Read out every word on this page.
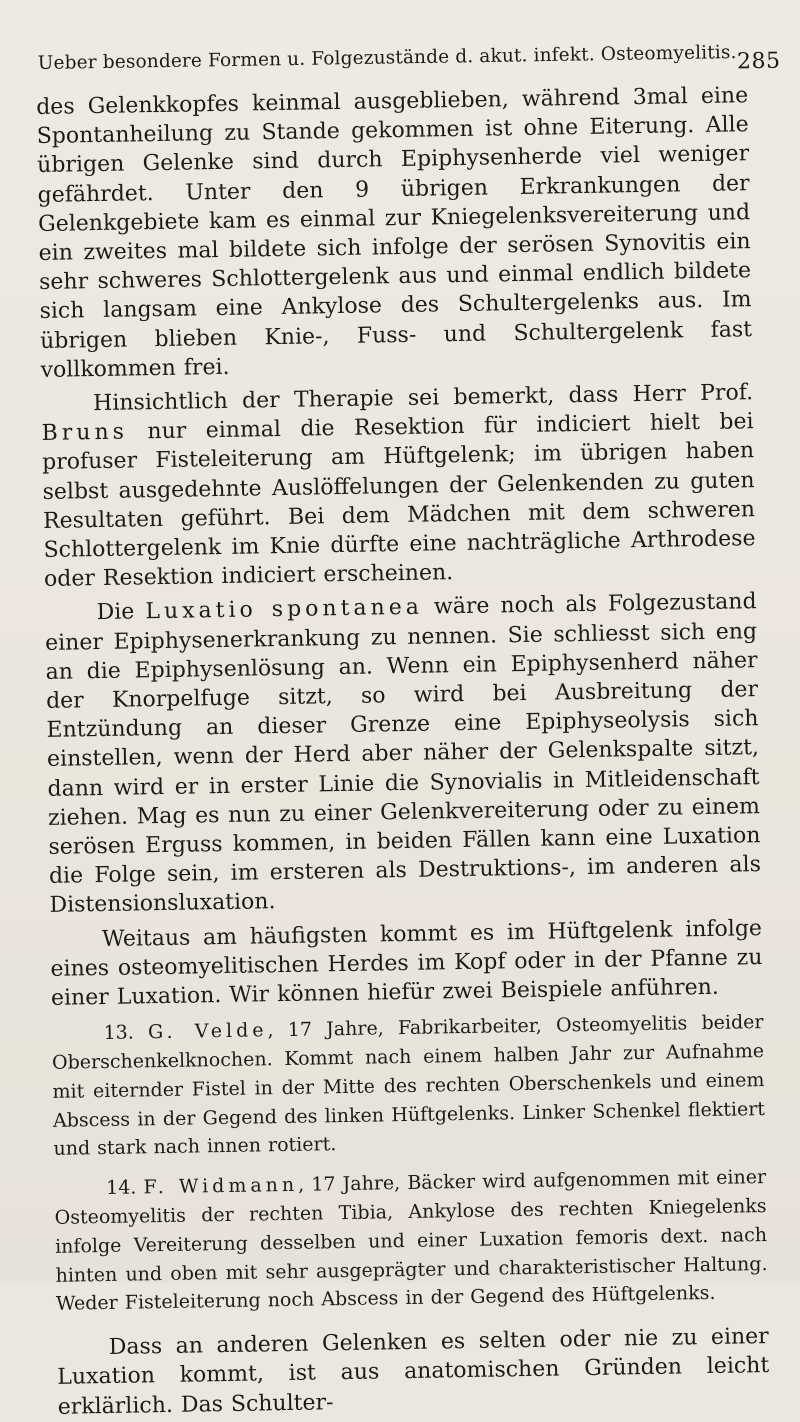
Ueber besondere Formen u. Folgezustände d. akut. infekt. Osteomyelitis. 285

des Gelenkkopfes keinmal ausgeblieben, während 3mal eine Spontanheilung zu Stande gekommen ist ohne Eiterung. Alle übrigen Gelenke sind durch Epiphysenherde viel weniger gefährdet. Unter den 9 übrigen Erkrankungen der Gelenkgebiete kam es einmal zur Kniegelenksvereiterung und ein zweites mal bildete sich infolge der serösen Synovitis ein sehr schweres Schlottergelenk aus und einmal endlich bildete sich langsam eine Ankylose des Schultergelenks aus. Im übrigen blieben Knie-, Fuss- und Schultergelenk fast vollkommen frei.

Hinsichtlich der Therapie sei bemerkt, dass Herr Prof. Bruns nur einmal die Resektion für indiciert hielt bei profuser Fisteleiterung am Hüftgelenk; im übrigen haben selbst ausgedehnte Auslöffelungen der Gelenkenden zu guten Resultaten geführt. Bei dem Mädchen mit dem schweren Schlottergelenk im Knie dürfte eine nachträgliche Arthrodese oder Resektion indiciert erscheinen.

Die Luxatio spontanea wäre noch als Folgezustand einer Epiphysenerkrankung zu nennen. Sie schliesst sich eng an die Epiphysenlösung an. Wenn ein Epiphysenherd näher der Knorpelfuge sitzt, so wird bei Ausbreitung der Entzündung an dieser Grenze eine Epiphyseolysis sich einstellen, wenn der Herd aber näher der Gelenkspalte sitzt, dann wird er in erster Linie die Synovialis in Mitleidenschaft ziehen. Mag es nun zu einer Gelenkvereiterung oder zu einem serösen Erguss kommen, in beiden Fällen kann eine Luxation die Folge sein, im ersteren als Destruktions-, im anderen als Distensionsluxation.

Weitaus am häufigsten kommt es im Hüftgelenk infolge eines osteomyelitischen Herdes im Kopf oder in der Pfanne zu einer Luxation. Wir können hiefür zwei Beispiele anführen.

13. G. Velde, 17 Jahre, Fabrikarbeiter, Osteomyelitis beider Oberschenkelknochen. Kommt nach einem halben Jahr zur Aufnahme mit eiternder Fistel in der Mitte des rechten Oberschenkels und einem Abscess in der Gegend des linken Hüftgelenks. Linker Schenkel flektiert und stark nach innen rotiert.

14. F. Widmann, 17 Jahre, Bäcker wird aufgenommen mit einer Osteomyelitis der rechten Tibia, Ankylose des rechten Kniegelenks infolge Vereiterung desselben und einer Luxation femoris dext. nach hinten und oben mit sehr ausgeprägter und charakteristischer Haltung. Weder Fisteleiterung noch Abscess in der Gegend des Hüftgelenks.

Dass an anderen Gelenken es selten oder nie zu einer Luxation kommt, ist aus anatomischen Gründen leicht erklärlich. Das Schulter-
